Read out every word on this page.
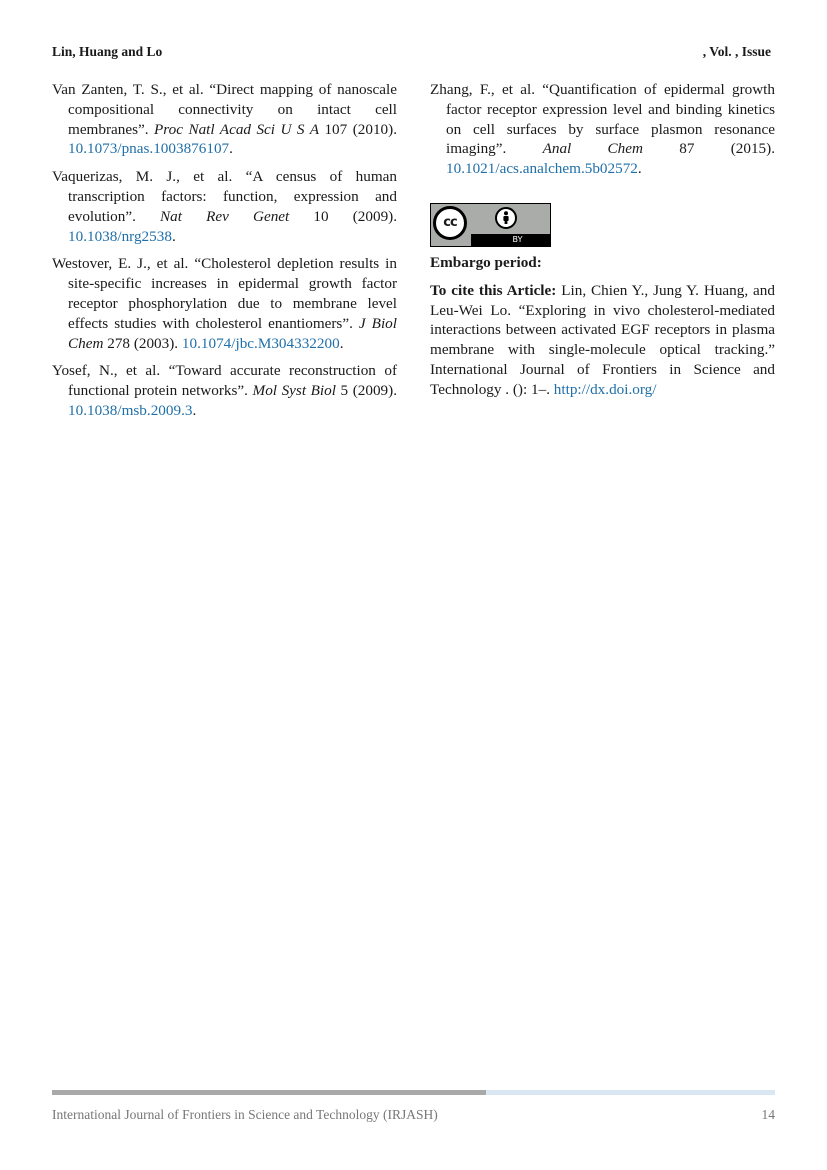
Lin, Huang and Lo	, Vol. , Issue

Van Zanten, T. S., et al. “Direct mapping of nanoscale compositional connectivity on intact cell membranes”. Proc Natl Acad Sci U S A 107 (2010). 10.1073/pnas.1003876107.

Vaquerizas, M. J., et al. “A census of human transcription factors: function, expression and evolution”. Nat Rev Genet 10 (2009). 10.1038/nrg2538.

Westover, E. J., et al. “Cholesterol depletion results in site-specific increases in epidermal growth factor receptor phosphorylation due to membrane level effects studies with cholesterol enantiomers”. J Biol Chem 278 (2003). 10.1074/jbc.M304332200.

Yosef, N., et al. “Toward accurate reconstruction of functional protein networks”. Mol Syst Biol 5 (2009). 10.1038/msb.2009.3.

Zhang, F., et al. “Quantification of epidermal growth factor receptor expression level and binding kinetics on cell surfaces by surface plasmon resonance imaging”. Anal Chem 87 (2015). 10.1021/acs.analchem.5b02572.

cc
BY
Embargo period:
To cite this Article: Lin, Chien Y., Jung Y. Huang, and Leu-Wei Lo. “Exploring in vivo cholesterol-mediated interactions between activated EGF receptors in plasma membrane with single-molecule optical tracking.” International Journal of Frontiers in Science and Technology . (): 1–. http://dx.doi.org/
International Journal of Frontiers in Science and Technology (IRJASH)	14
